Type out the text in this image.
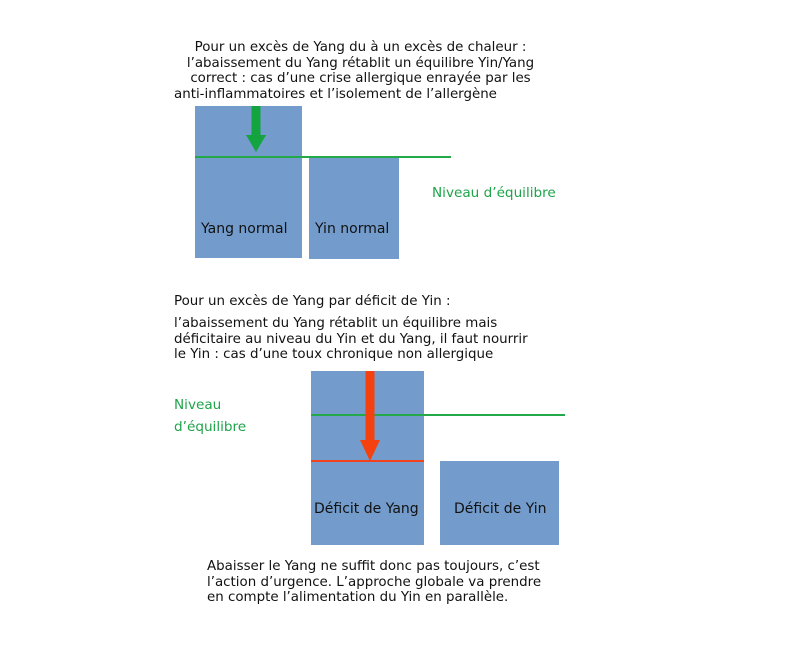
Pour un excès de Yang du à un excès de chaleur :
l’abaissement du Yang rétablit un équilibre Yin/Yang
correct : cas d’une crise allergique enrayée par les
anti-inflammatoires et l’isolement de l’allergène
Yang normal Yin normal
Niveau d’équilibre
Pour un excès de Yang par déficit de Yin :
l’abaissement du Yang rétablit un équilibre mais
déficitaire au niveau du Yin et du Yang, il faut nourrir
le Yin : cas d’une toux chronique non allergique
Niveau
d’équilibre
Déficit de Yang	Déficit de Yin
Abaisser le Yang ne suffit donc pas toujours, c’est
l’action d’urgence. L’approche globale va prendre
en compte l’alimentation du Yin en parallèle.
